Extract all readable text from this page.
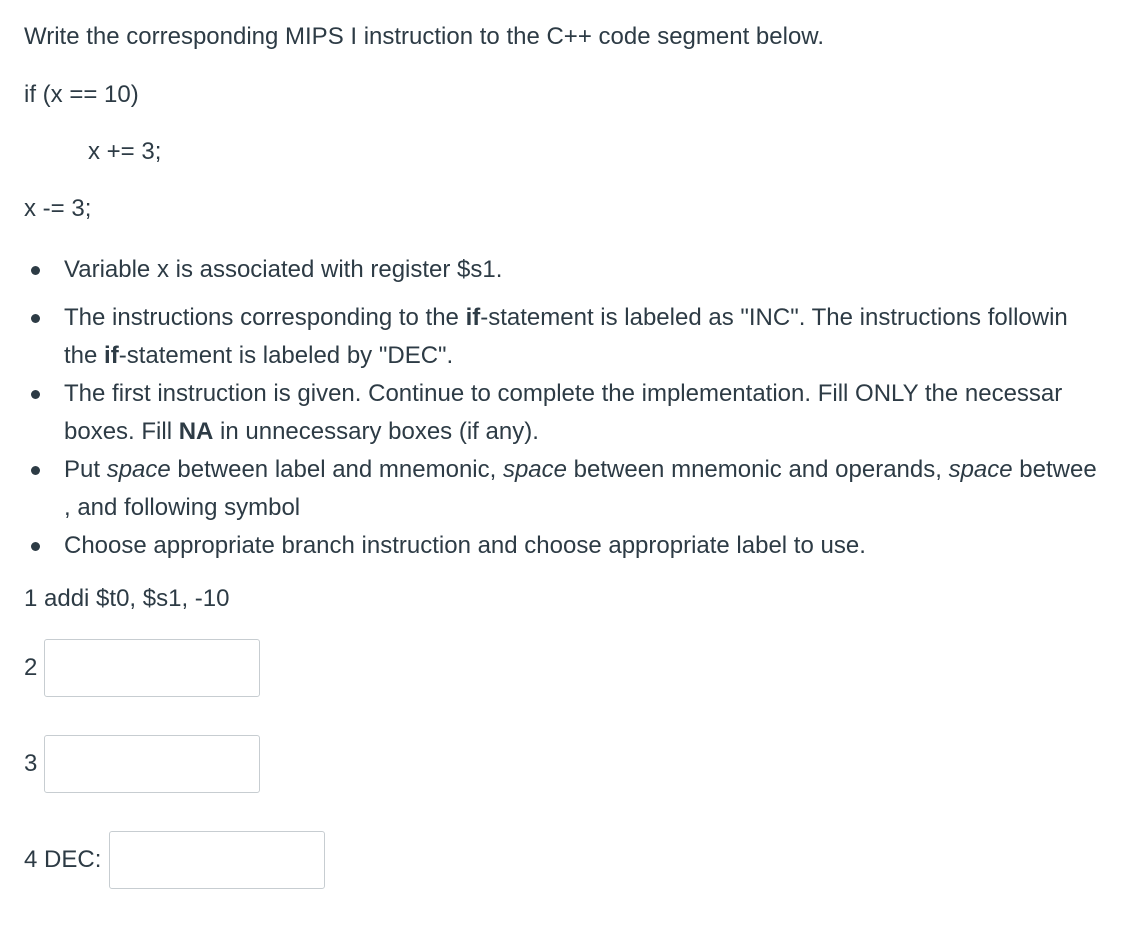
Write the corresponding MIPS I instruction to the C++ code segment below.
if (x == 10)
x += 3;
x -= 3;
Variable x is associated with register $s1.
The instructions corresponding to the if-statement is labeled as "INC". The instructions followin
the if-statement is labeled by "DEC".
The first instruction is given. Continue to complete the implementation. Fill ONLY the necessar
boxes. Fill NA in unnecessary boxes (if any).
Put space between label and mnemonic, space between mnemonic and operands, space betwee
, and following symbol
Choose appropriate branch instruction and choose appropriate label to use.
1 addi $t0, $s1, -10
2
3
4 DEC:
